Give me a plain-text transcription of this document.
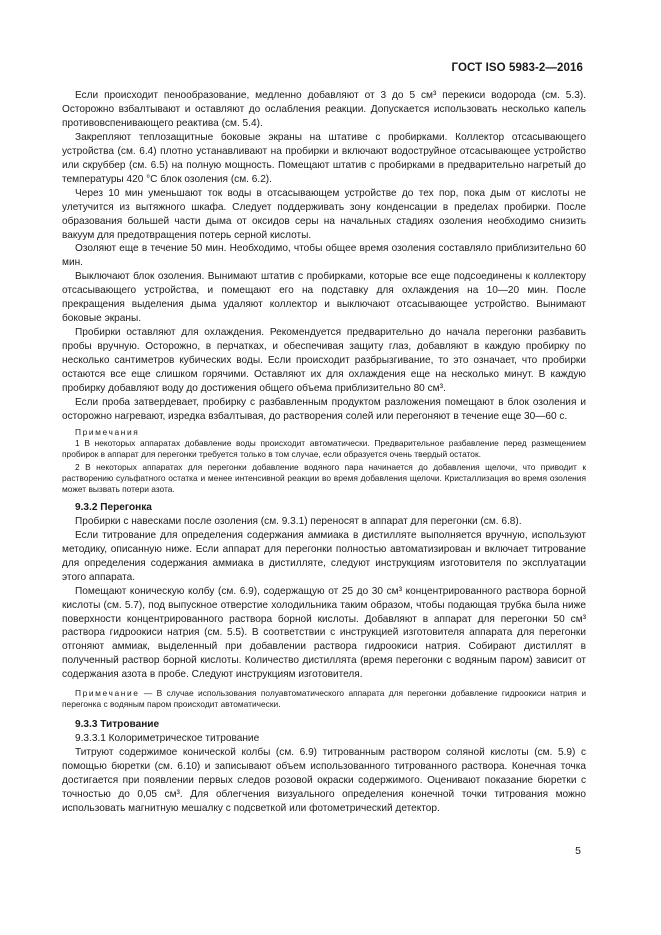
ГОСТ ISO 5983-2—2016

Если происходит пенообразование, медленно добавляют от 3 до 5 см³ перекиси водорода (см. 5.3). Осторожно взбалтывают и оставляют до ослабления реакции. Допускается использовать несколько капель противовспенивающего реактива (см. 5.4).

Закрепляют теплозащитные боковые экраны на штативе с пробирками. Коллектор отсасывающего устройства (см. 6.4) плотно устанавливают на пробирки и включают водоструйное отсасывающее устройство или скруббер (см. 6.5) на полную мощность. Помещают штатив с пробирками в предварительно нагретый до температуры 420 °С блок озоления (см. 6.2).

Через 10 мин уменьшают ток воды в отсасывающем устройстве до тех пор, пока дым от кислоты не улетучится из вытяжного шкафа. Следует поддерживать зону конденсации в пределах пробирки. После образования большей части дыма от оксидов серы на начальных стадиях озоления необходимо снизить вакуум для предотвращения потерь серной кислоты.

Озоляют еще в течение 50 мин. Необходимо, чтобы общее время озоления составляло приблизительно 60 мин.

Выключают блок озоления. Вынимают штатив с пробирками, которые все еще подсоединены к коллектору отсасывающего устройства, и помещают его на подставку для охлаждения на 10—20 мин. После прекращения выделения дыма удаляют коллектор и выключают отсасывающее устройство. Вынимают боковые экраны.

Пробирки оставляют для охлаждения. Рекомендуется предварительно до начала перегонки разбавить пробы вручную. Осторожно, в перчатках, и обеспечивая защиту глаз, добавляют в каждую пробирку по несколько сантиметров кубических воды. Если происходит разбрызгивание, то это означает, что пробирки остаются все еще слишком горячими. Оставляют их для охлаждения еще на несколько минут. В каждую пробирку добавляют воду до достижения общего объема приблизительно 80 см³.

Если проба затвердевает, пробирку с разбавленным продуктом разложения помещают в блок озоления и осторожно нагревают, изредка взбалтывая, до растворения солей или перегоняют в течение еще 30—60 с.

Примечания

1 В некоторых аппаратах добавление воды происходит автоматически. Предварительное разбавление перед размещением пробирок в аппарат для перегонки требуется только в том случае, если образуется очень твердый остаток.

2 В некоторых аппаратах для перегонки добавление водяного пара начинается до добавления щелочи, что приводит к растворению сульфатного остатка и менее интенсивной реакции во время добавления щелочи. Кристаллизация во время озоления может вызвать потери азота.

9.3.2 Перегонка

Пробирки с навесками после озоления (см. 9.3.1) переносят в аппарат для перегонки (см. 6.8).

Если титрование для определения содержания аммиака в дистилляте выполняется вручную, используют методику, описанную ниже. Если аппарат для перегонки полностью автоматизирован и включает титрование для определения содержания аммиака в дистилляте, следуют инструкциям изготовителя по эксплуатации этого аппарата.

Помещают коническую колбу (см. 6.9), содержащую от 25 до 30 см³ концентрированного раствора борной кислоты (см. 5.7), под выпускное отверстие холодильника таким образом, чтобы подающая трубка была ниже поверхности концентрированного раствора борной кислоты. Добавляют в аппарат для перегонки 50 см³ раствора гидроокиси натрия (см. 5.5). В соответствии с инструкцией изготовителя аппарата для перегонки отгоняют аммиак, выделенный при добавлении раствора гидроокиси натрия. Собирают дистиллят в полученный раствор борной кислоты. Количество дистиллята (время перегонки с водяным паром) зависит от содержания азота в пробе. Следуют инструкциям изготовителя.

Примечание — В случае использования полуавтоматического аппарата для перегонки добавление гидроокиси натрия и перегонка с водяным паром происходит автоматически.

9.3.3 Титрование

9.3.3.1 Колориметрическое титрование

Титруют содержимое конической колбы (см. 6.9) титрованным раствором соляной кислоты (см. 5.9) с помощью бюретки (см. 6.10) и записывают объем использованного титрованного раствора. Конечная точка достигается при появлении первых следов розовой окраски содержимого. Оценивают показание бюретки с точностью до 0,05 см³. Для облегчения визуального определения конечной точки титрования можно использовать магнитную мешалку с подсветкой или фотометрический детектор.

5
